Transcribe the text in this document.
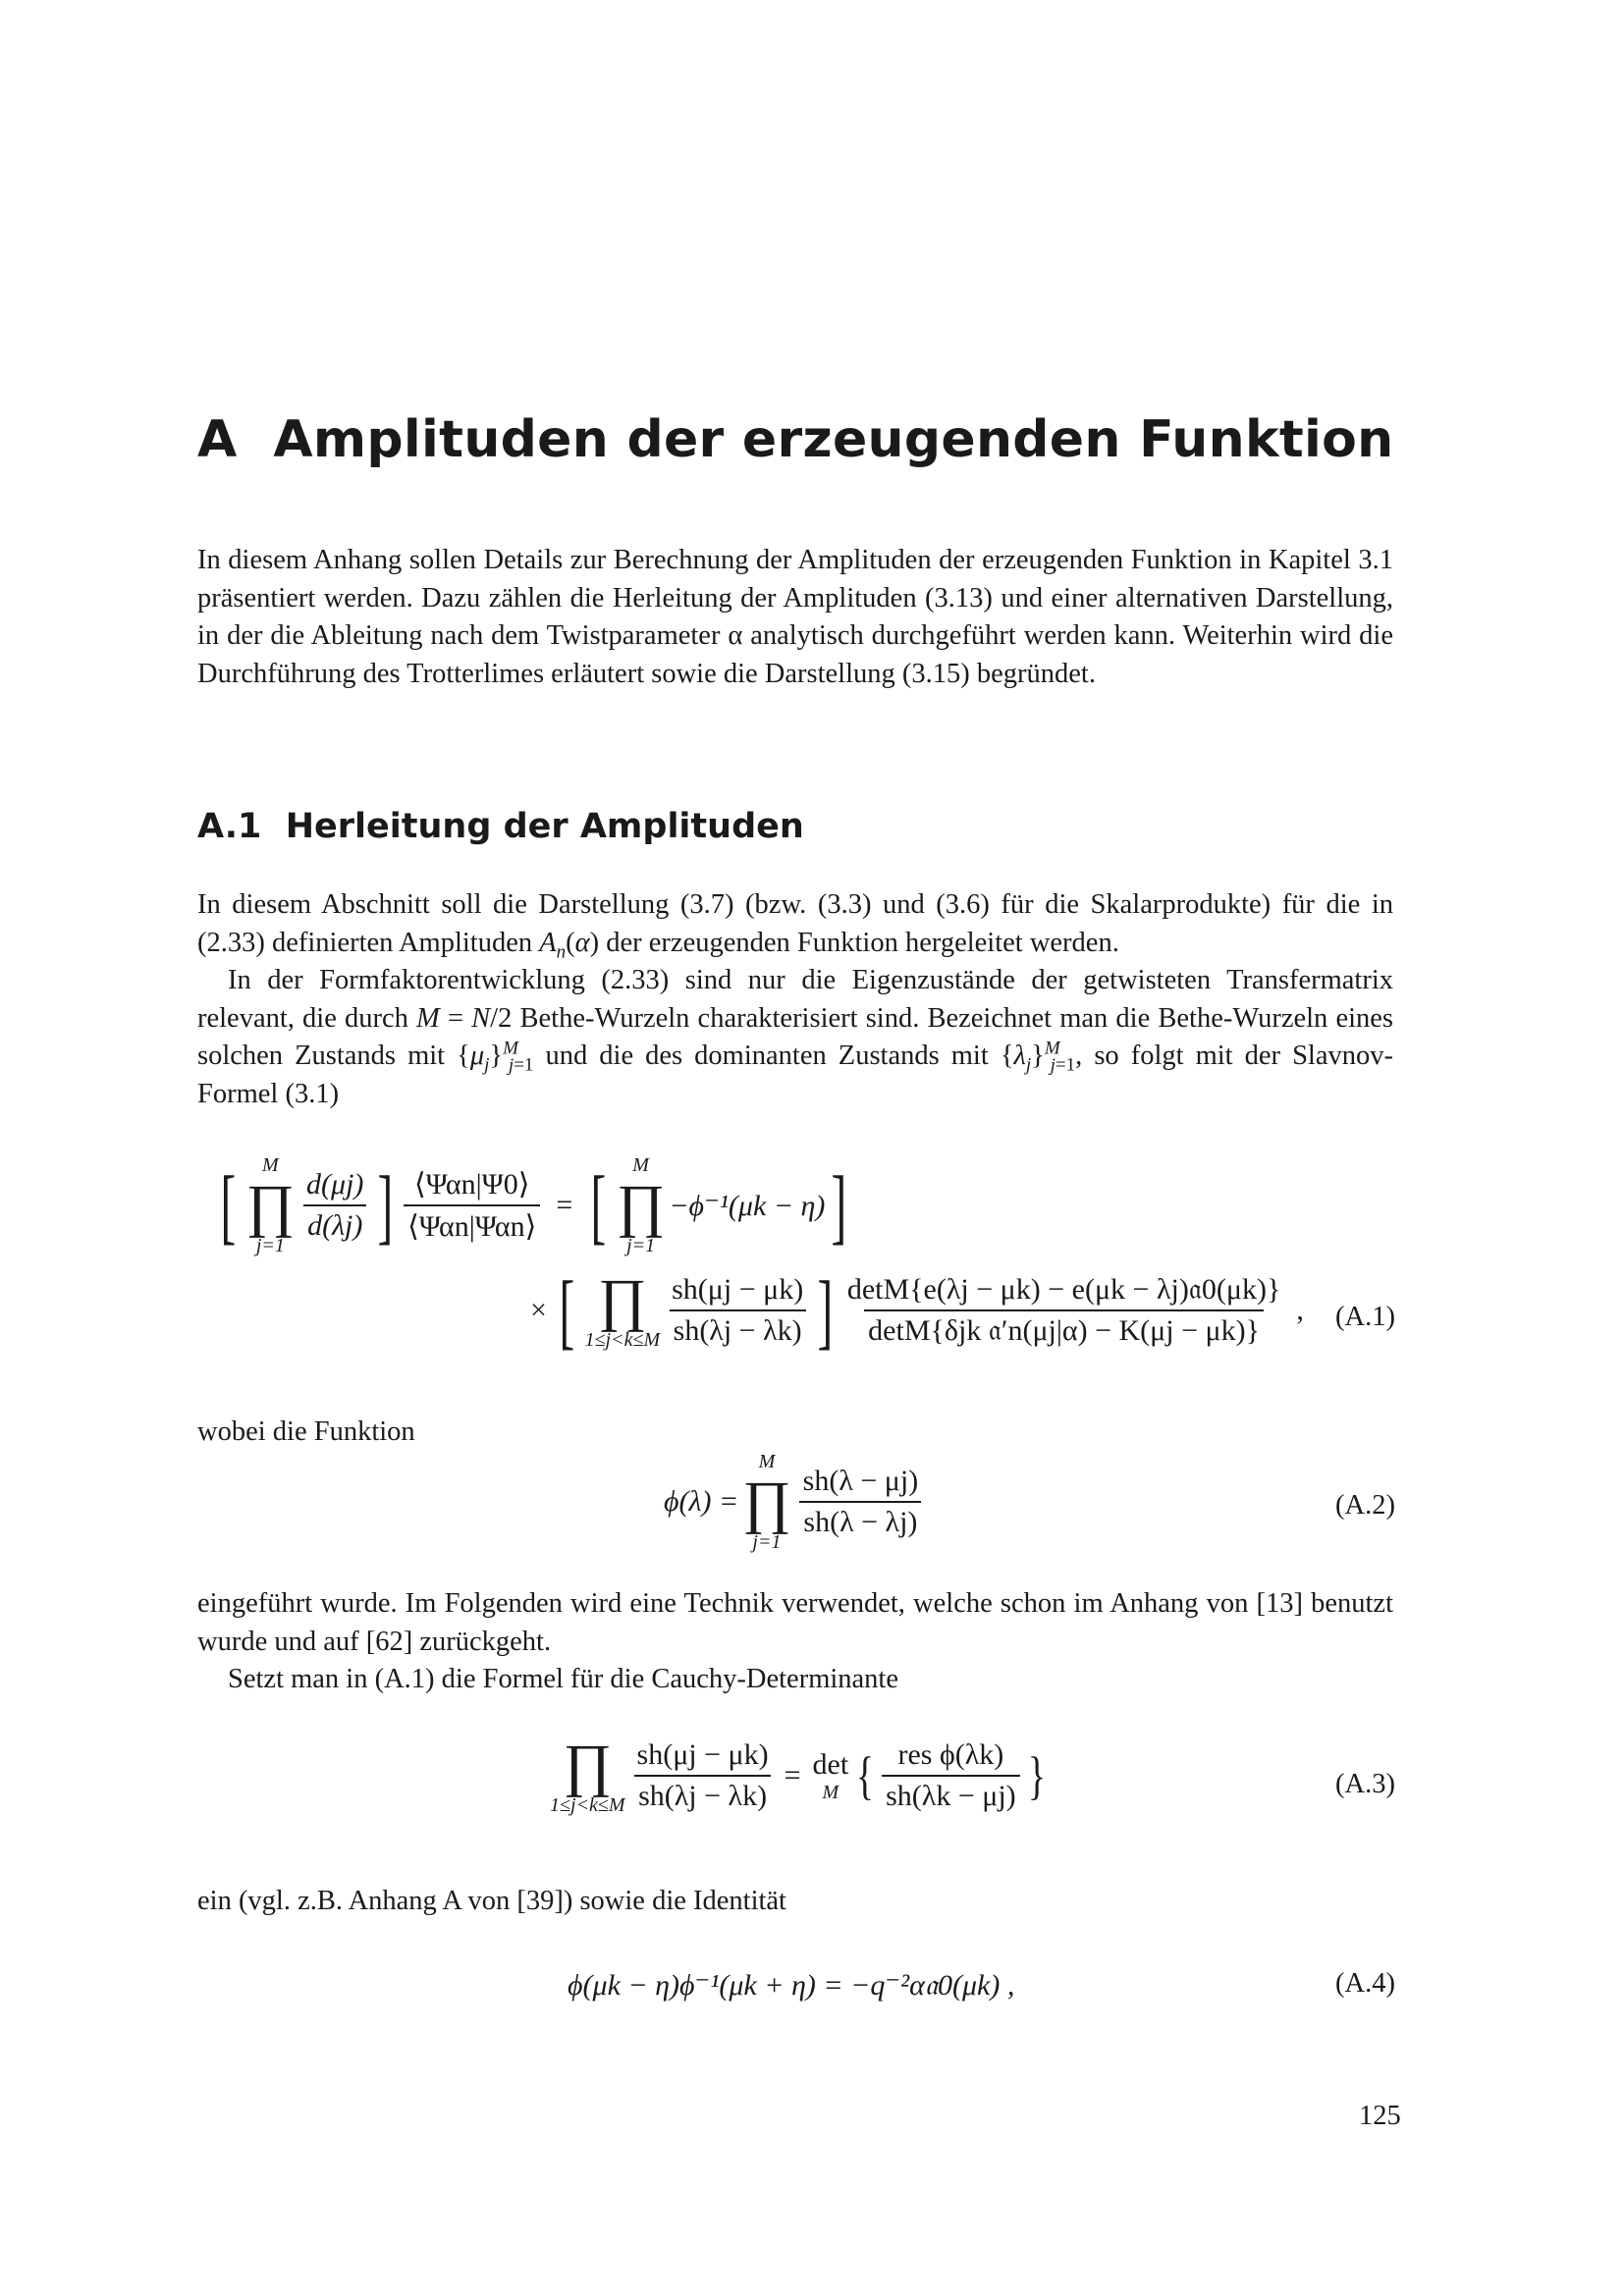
A Amplituden der erzeugenden Funktion

In diesem Anhang sollen Details zur Berechnung der Amplituden der erzeugenden Funktion in Kapitel 3.1 präsentiert werden. Dazu zählen die Herleitung der Amplituden (3.13) und einer alternativen Darstellung, in der die Ableitung nach dem Twistparameter α analytisch durchgeführt werden kann. Weiterhin wird die Durchführung des Trotterlimes erläutert sowie die Darstellung (3.15) begründet.

A.1 Herleitung der Amplituden

In diesem Abschnitt soll die Darstellung (3.7) (bzw. (3.3) und (3.6) für die Skalarprodukte) für die in (2.33) definierten Amplituden $A_n(\alpha)$ der erzeugenden Funktion hergeleitet werden.

In der Formfaktorentwicklung (2.33) sind nur die Eigenzustände der getwisteten Transfermatrix relevant, die durch M = N/2 Bethe-Wurzeln charakterisiert sind. Bezeichnet man die Bethe-Wurzeln eines solchen Zustands mit $\{\mu_j\}^M_{j=1}$ und die des dominanten Zustands mit $\{\lambda_j\}^M_{j=1}$, so folgt mit der Slavnov-Formel (3.1)

[ M
∏
j=1
$\frac{d(\mu j)}{d(\lambda j)}$ ] $\frac{\text{⟨Ψαn|Ψ0⟩}}{\text{⟨Ψαn|Ψαn⟩}}$ = [ M
∏
j=1
−ϕ⁻¹(μk − η) ]
× [ ∏
$1\le j<k\le M \frac{sh(\mu j - \mu k)}{sh(\lambda j - \lambda k)}$ ] $\frac{\text{detM\{e(λj − μk) − e(μk − λj)𝔞0(μk)\}}}{\text{detM\{δjk 𝔞′n(μj|α) − K(μj − μk)\}}}$ , (A.1)

wobei die Funktion

ϕ(λ) =
M
∏
j=1
$\frac{sh(\lambda - \mu j)}{sh(\lambda - \lambda j)}$	(A.2)

eingeführt wurde. Im Folgenden wird eine Technik verwendet, welche schon im Anhang von [13] benutzt wurde und auf [62] zurückgeht.

Setzt man in (A.1) die Formel für die Cauchy-Determinante

∏
$1\le j<k\le M \frac{sh(\mu j - \mu k)}{sh(\lambda j - \lambda k)} = \det$
M { $\frac{\text{res ϕ(λk)}}{sh(\lambda k - \mu j)}$ }	(A.3)

ein (vgl. z.B. Anhang A von [39]) sowie die Identität

ϕ(μk − η)ϕ⁻¹(μk + η) = −q⁻²α𝔞0(μk) ,	(A.4)
125
